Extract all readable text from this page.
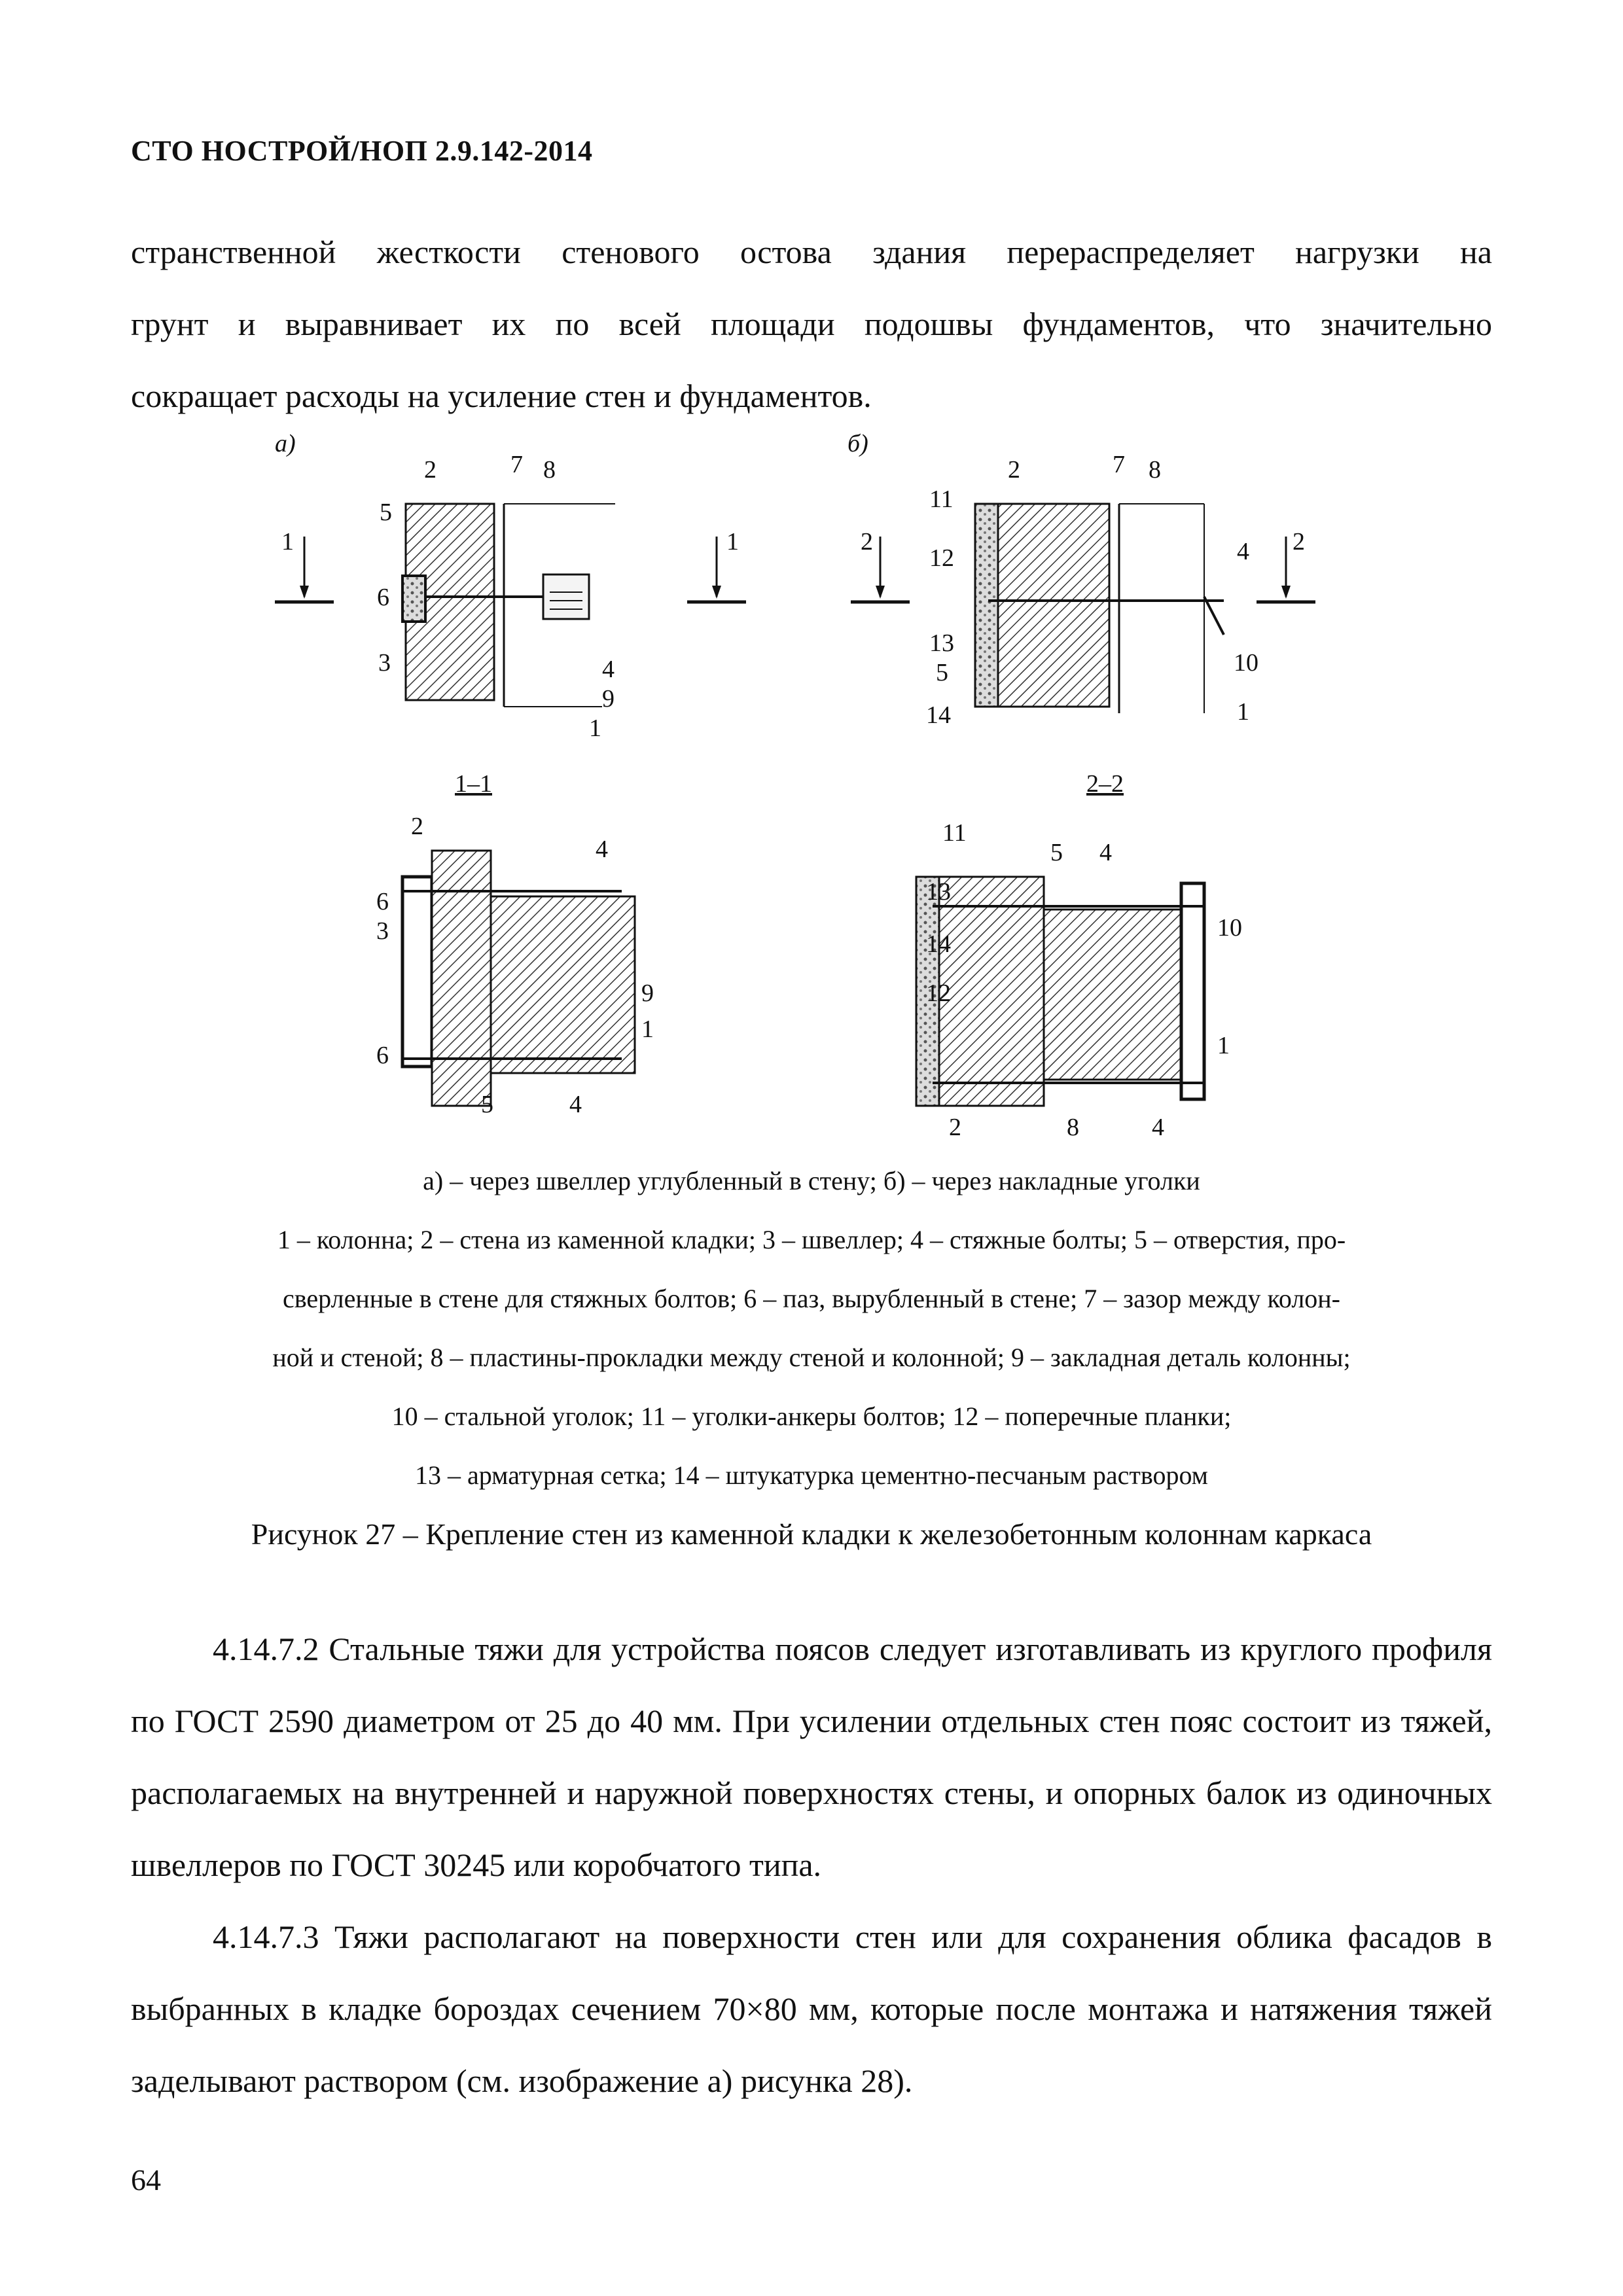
СТО НОСТРОЙ/НОП 2.9.142-2014

странственной жесткости стенового остова здания перераспределяет нагрузки на

грунт и выравнивает их по всей площади подошвы фундаментов, что значительно

сокращает расходы на усиление стен и фундаментов.

а)
1	1
2	7 8
5
6
3	4
9
1
1–1
б)
2	2
2	7 8
11
12	4
13
5	10
14	1
2–2
2
4
6
3
9
1
6
5	4
11
5 4
13
10
14
12
1
2	8	4

а) – через швеллер углубленный в стену; б) – через накладные уголки

1 – колонна; 2 – стена из каменной кладки; 3 – швеллер; 4 – стяжные болты; 5 – отверстия, про-

сверленные в стене для стяжных болтов; 6 – паз, вырубленный в стене; 7 – зазор между колон-

ной и стеной; 8 – пластины-прокладки между стеной и колонной; 9 – закладная деталь колонны;

10 – стальной уголок; 11 – уголки-анкеры болтов; 12 – поперечные планки;

13 – арматурная сетка; 14 – штукатурка цементно-песчаным раствором

Рисунок 27 – Крепление стен из каменной кладки к железобетонным колоннам каркаса

4.14.7.2 Стальные тяжи для устройства поясов следует изготавливать из круглого профиля по ГОСТ 2590 диаметром от 25 до 40 мм. При усилении отдельных стен пояс состоит из тяжей, располагаемых на внутренней и наружной поверхностях стены, и опорных балок из одиночных швеллеров по ГОСТ 30245 или коробчатого типа.

4.14.7.3 Тяжи располагают на поверхности стен или для сохранения облика фасадов в выбранных в кладке бороздах сечением 70×80 мм, которые после монтажа и натяжения тяжей заделывают раствором (см. изображение а) рисунка 28).

64
